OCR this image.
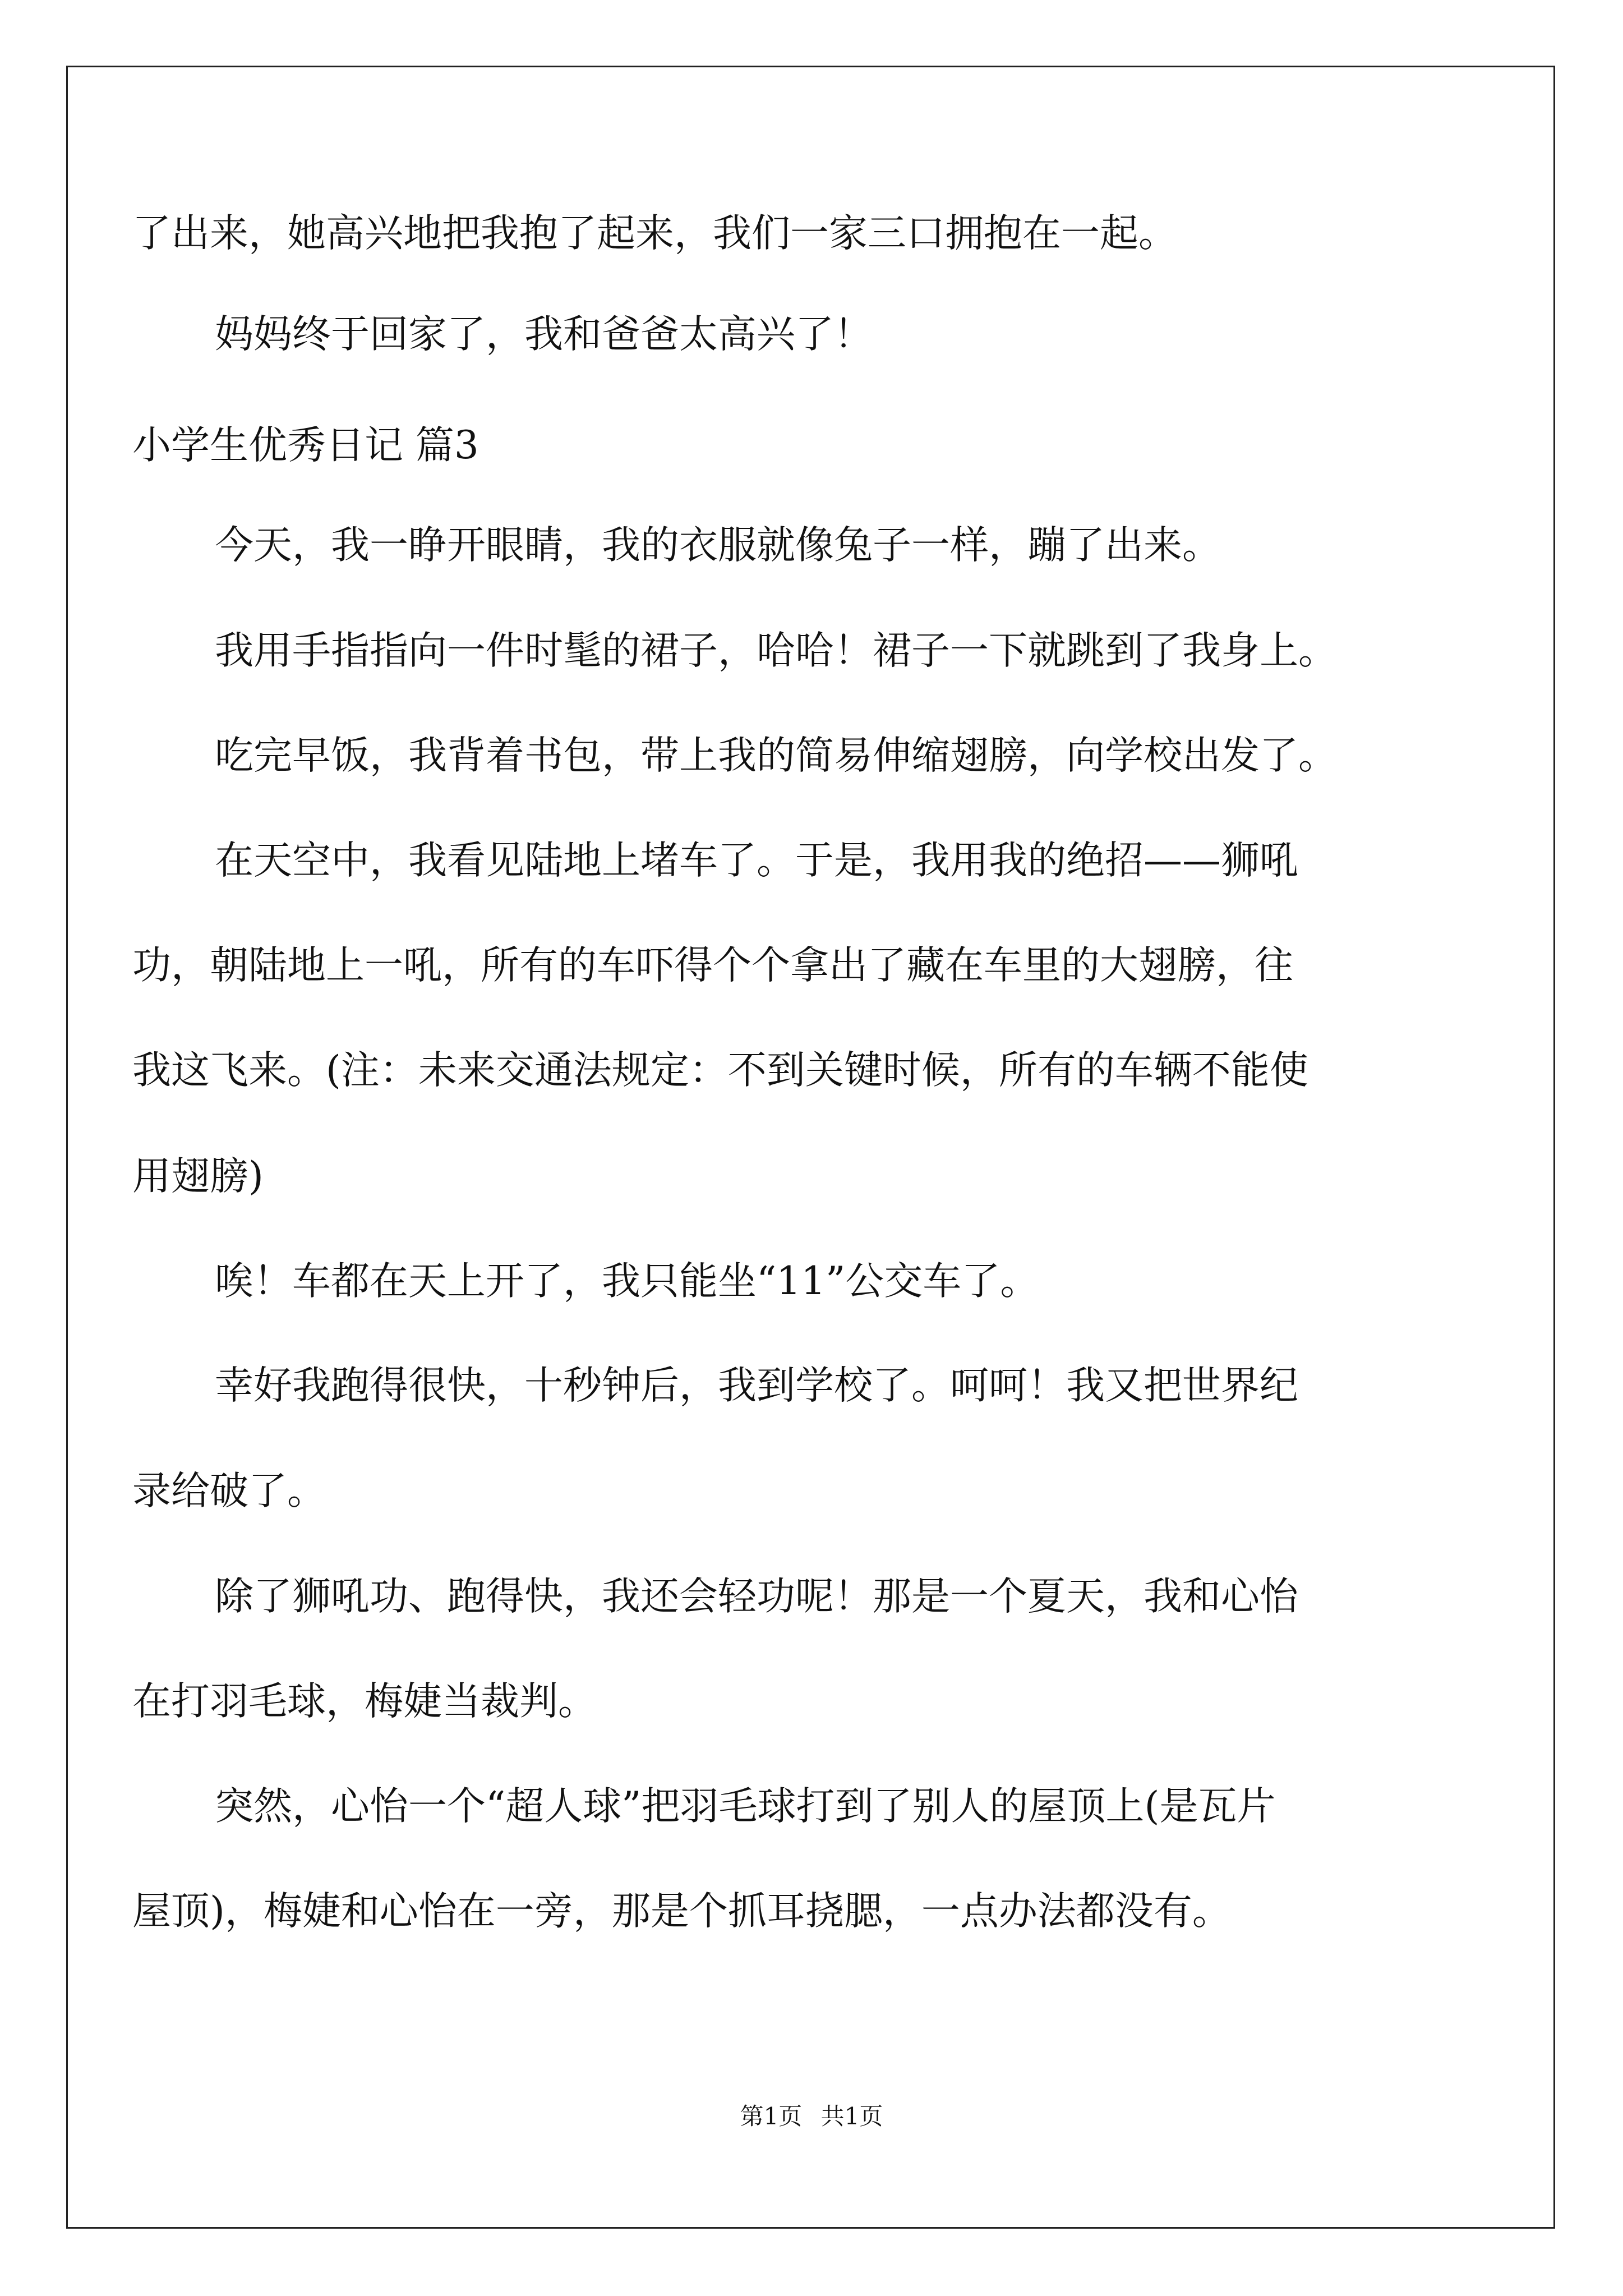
了出来，她高兴地把我抱了起来，我们一家三口拥抱在一起。
妈妈终于回家了，我和爸爸太高兴了！
小学生优秀日记 篇3
今天，我一睁开眼睛，我的衣服就像兔子一样，蹦了出来。
我用手指指向一件时髦的裙子，哈哈！裙子一下就跳到了我身上。
吃完早饭，我背着书包，带上我的简易伸缩翅膀，向学校出发了。
在天空中，我看见陆地上堵车了。于是，我用我的绝招——狮吼
功，朝陆地上一吼，所有的车吓得个个拿出了藏在车里的大翅膀，往
我这飞来。(注：未来交通法规定：不到关键时候，所有的车辆不能使
用翅膀)
唉！车都在天上开了，我只能坐“11”公交车了。
幸好我跑得很快，十秒钟后，我到学校了。呵呵！我又把世界纪
录给破了。
除了狮吼功、跑得快，我还会轻功呢！那是一个夏天，我和心怡
在打羽毛球，梅婕当裁判。
突然，心怡一个“超人球”把羽毛球打到了别人的屋顶上(是瓦片
屋顶)，梅婕和心怡在一旁，那是个抓耳挠腮，一点办法都没有。
第1页 共1页
